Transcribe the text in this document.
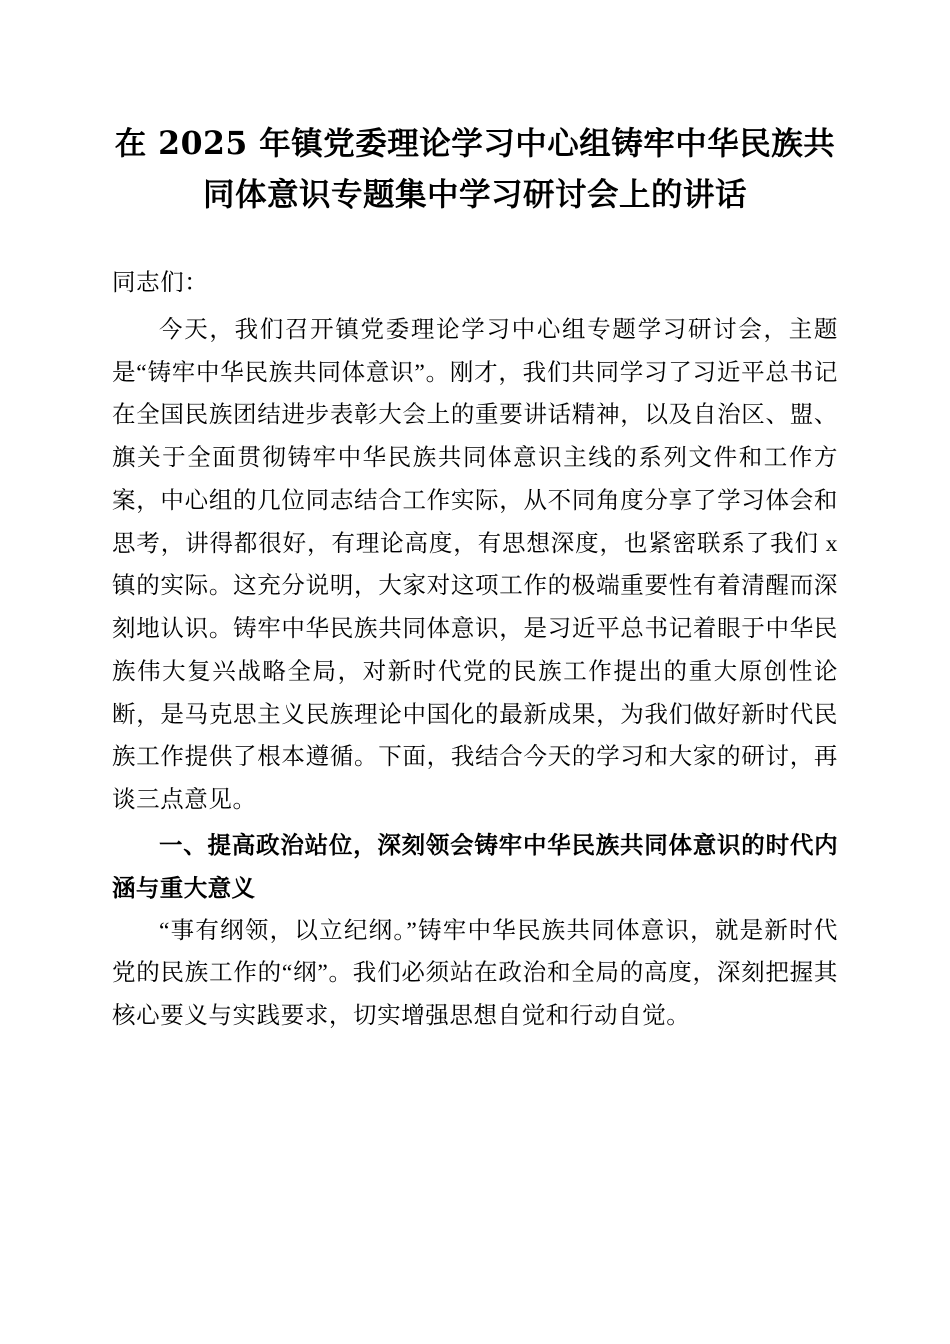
在 2025 年镇党委理论学习中心组铸牢中华民族共同体意识专题集中学习研讨会上的讲话
同志们：

今天，我们召开镇党委理论学习中心组专题学习研讨会，主题是“铸牢中华民族共同体意识”。刚才，我们共同学习了习近平总书记在全国民族团结进步表彰大会上的重要讲话精神，以及自治区、盟、旗关于全面贯彻铸牢中华民族共同体意识主线的系列文件和工作方案，中心组的几位同志结合工作实际，从不同角度分享了学习体会和思考，讲得都很好，有理论高度，有思想深度，也紧密联系了我们 x 镇的实际。这充分说明，大家对这项工作的极端重要性有着清醒而深刻地认识。铸牢中华民族共同体意识，是习近平总书记着眼于中华民族伟大复兴战略全局，对新时代党的民族工作提出的重大原创性论断，是马克思主义民族理论中国化的最新成果，为我们做好新时代民族工作提供了根本遵循。下面，我结合今天的学习和大家的研讨，再谈三点意见。

一、提高政治站位，深刻领会铸牢中华民族共同体意识的时代内涵与重大意义

“事有纲领，以立纪纲。”铸牢中华民族共同体意识，就是新时代党的民族工作的“纲”。我们必须站在政治和全局的高度，深刻把握其核心要义与实践要求，切实增强思想自觉和行动自觉。
